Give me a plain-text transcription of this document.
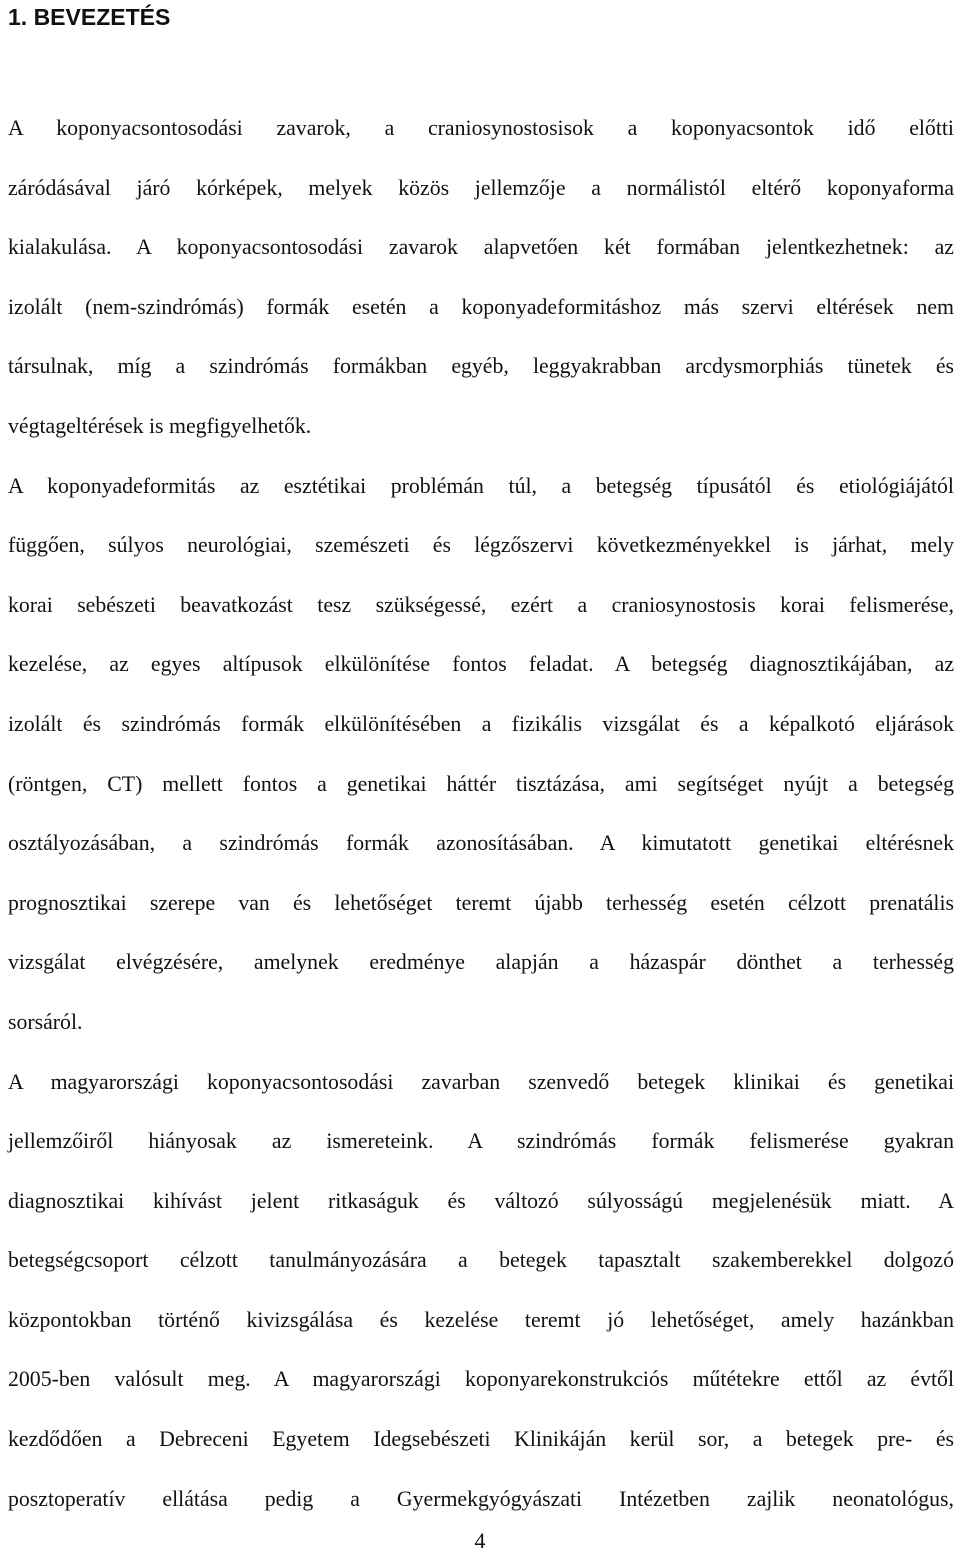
1. BEVEZETÉS
A koponyacsontosodási zavarok, a craniosynostosisok a koponyacsontok idő előtti
záródásával járó kórképek, melyek közös jellemzője a normálistól eltérő koponyaforma
kialakulása. A koponyacsontosodási zavarok alapvetően két formában jelentkezhetnek: az
izolált (nem-szindrómás) formák esetén a koponyadeformitáshoz más szervi eltérések nem
társulnak, míg a szindrómás formákban egyéb, leggyakrabban arcdysmorphiás tünetek és
végtageltérések is megfigyelhetők.
A koponyadeformitás az esztétikai problémán túl, a betegség típusától és etiológiájától
függően, súlyos neurológiai, szemészeti és légzőszervi következményekkel is járhat, mely
korai sebészeti beavatkozást tesz szükségessé, ezért a craniosynostosis korai felismerése,
kezelése, az egyes altípusok elkülönítése fontos feladat. A betegség diagnosztikájában, az
izolált és szindrómás formák elkülönítésében a fizikális vizsgálat és a képalkotó eljárások
(röntgen, CT) mellett fontos a genetikai háttér tisztázása, ami segítséget nyújt a betegség
osztályozásában, a szindrómás formák azonosításában. A kimutatott genetikai eltérésnek
prognosztikai szerepe van és lehetőséget teremt újabb terhesség esetén célzott prenatális
vizsgálat elvégzésére, amelynek eredménye alapján a házaspár dönthet a terhesség
sorsáról.
A magyarországi koponyacsontosodási zavarban szenvedő betegek klinikai és genetikai
jellemzőiről hiányosak az ismereteink. A szindrómás formák felismerése gyakran
diagnosztikai kihívást jelent ritkaságuk és változó súlyosságú megjelenésük miatt. A
betegségcsoport célzott tanulmányozására a betegek tapasztalt szakemberekkel dolgozó
központokban történő kivizsgálása és kezelése teremt jó lehetőséget, amely hazánkban
2005-ben valósult meg. A magyarországi koponyarekonstrukciós műtétekre ettől az évtől
kezdődően a Debreceni Egyetem Idegsebészeti Klinikáján kerül sor, a betegek pre- és
posztoperatív ellátása pedig a Gyermekgyógyászati Intézetben zajlik neonatológus,
4
